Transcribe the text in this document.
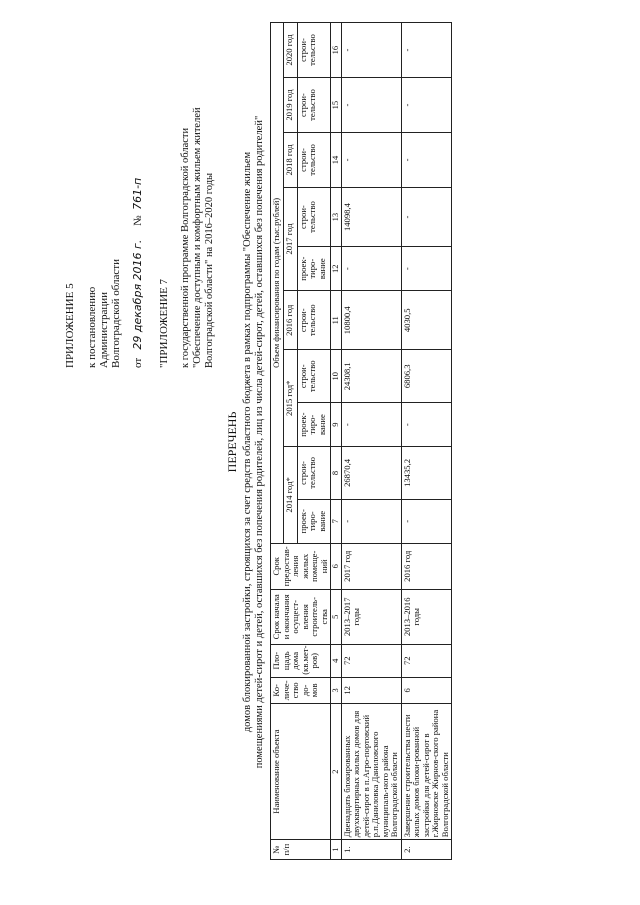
ПРИЛОЖЕНИЕ 5 к постановлению Администрации Волгоградской области от   29 декабря 2016 г.     №  761-п
"ПРИЛОЖЕНИЕ 7 к государственной программе Волгоградской области "Обеспечение доступным и комфортным жильем жителей Волгоградской области" на 2016–2020 годы
ПЕРЕЧЕНЬ домов блокированной застройки, строящихся за счет средств областного бюджета в рамках подпрограммы "Обеспечение жильем помещениями детей-сирот и детей, оставшихся без попечения родителей, лиц из числа детей-сирот, детей, оставшихся без попечения родителей"
№ п/п	Наименование объекта	Ко-личе-ство до-мов	Пло-щадь дома (кв.мет-ров)	Срок начала и окончания осущест-вления строитель-ства	Срок предостав-ления жилых помеще-ний	Объем финансирования по годам (тыс.рублей)									
						2014 год*		2015 год*		2016 год	2017 год		2018 год	2019 год	2020 год
						проек-тиро-вание	строи-тельство	проек-тиро-вание	строи-тельство	строи-тельство	проек-тиро-вание	строи-тельство	строи-тельство	строи-тельство	строи-тельство
1	2	3	4	5	6	7	8	9	10	11	12	13	14	15	16
1.	Двенадцать блокированных двухквартирных жилых домов для детей-сирот в п.Агро-портовский р.п.Даниловка Даниловского муниципаль-ного района Волгоградской области	12	72	2013–2017 годы	2017 год	-	26870,4	-	24308,1	10800,4	-	14098,4	-	-	-
2.	Завершение строительства шести жилых домов блоки-рованной застройки для детей-сирот в г.Жирновске Жирнов-ского района Волгоградской области	6	72	2013–2016 годы	2016 год	-	13435,2	-	6806,3	4030,5	-	-	-	-	-
